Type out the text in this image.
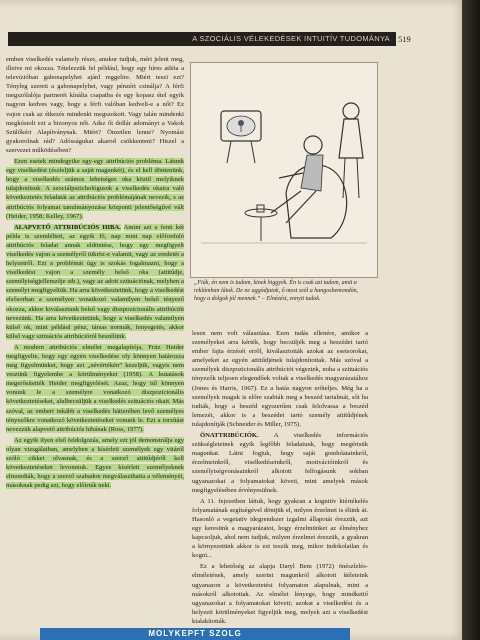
A SZOCIÁLIS VÉLEKEDÉSEK INTUITÍV TUDOMÁNYA 519

emben viselkedés valamely része, anukor tudjuk, mért jelent meg, illetve mi okozza. Tételezzük fel például, hogy egy híres atléta a televízióban gabonapelyhet ajánl reggelire. Miért teszi ezt? Tényleg szereti a gabonapelyhet, vagy pénzért csinálja? A férfi megszólalója partnerét kínálta csapatba és egy kopasz étel egyik nagyon kedves vagy, hogy a férfi valóban kedveli-e a nőt? Ez vajon csak az étkezés mindenki megszokott. Vagy talán mindenki megkóstolt ezt a bizonyos nőt. Adsz őt dollár adományt a Vakok Szülőkért Alapítványnak. Miért? Önzetlen lenne? Nyomást gyakorolnak rád? Adósságukat akarod csökkenteni? Hiszel a szervezet működésében?

Ezen esetek mindegyike egy-egy attribúciós probléma. Látunk egy viselkedést (észleljük a saját magunkét), és el kell döntenünk, hogy a viselkedés számos lehetséges oka közül melyiknek tulajdonítsuk. A szociálpszichológusok a viselkedés okaira való következtetés feladatát az attribúciós problémájának nevezik, s az attribúciós folyamat tanulmányozása központi jelentőségűvé vált (Heider, 1958; Kelley, 1967).

ALAPVETŐ ATTRIBÚCIÓS HIBA. Amint azt a fenti két példa is szemlélteti, az egyik fő, nap mint nap előforduló attribúciós feladat annak eldöntése, hogy egy megfigyelt viselkedés vajon a személyről tükröz-e valamit, vagy az eredetét a helyzetről. Ezt a problémát úgy is szokás fogalmazni, hogy a viselkedést vajon a személy belső oka (attitűdje, személyiségjellemzője stb.), vagy az adott szituációnak, melyben a személyt megfigyeltük. Ha arra következtetünk, hogy a viselkedést elsősorban a személyen vonatkozó valamilyen belső tényező okozza, akkor kiválasztunk belső vagy diszpozicionális attribúciót nevezünk. Ha arra következtetünk, hogy a viselkedés valamilyen külső ok, mint például pénz, társas normák, fenyegetés, akkor külső vagy szituációs attribúcióról beszélünk.

A modern attribúciós elmélet megalapítója, Fritz Heider megfigyelte, hogy egy egyén viselkedése oly könnyen határozza meg figyelmünket, hogy azt „névértékén” kezeljük, vagyis nem veszünk figyelembe a körülményeket (1958). A kutatások megerősítették Heider megfigyelését. Azaz, hogy túl könnyen vonunk le a személyre vonatkozó diszpozicionális következtetéseket, alulbecsüljük a viselkedés szituációs okait. Más szóval, az embert inkább a viselkedés hátterében levő személyes tényezőkre vonatkozó következtetéseket vonunk le. Ezt a torzítást nevezzük alapvető attribúciós hibának (Ross, 1977).

Az egyik ilyen első feldolgozás, amely ezt jól demonstrálja egy olyan vizsgálatban, amelyben a kísérleti személyek egy vitáról szóló cikket olvasnak, és a szerző attitűdjéről kell következtetéseket levonniuk. Egyes kísérleti személyeknek elmondták, hogy a szerző szabadon megválaszthatta a véleményét, másoknak pedig azt, hogy előírták neki.

„Fiúk, én nem is tudom, kinek higgyek. Én is csak azt tudom, amit a reklámban látok. De ne aggódjatok, ő most szól a hangosbemondón, hogy a dolgok jól mennek.” – Elnézést, ennyit tudok.

lesen nem volt választása. Ezen tudás ellenére, amikor a személyeket arra kérték, hogy becsüljék meg a beszédet tartó ember fajta érzését erről, kiválasztották azokat az esetsorokat, amelyeket az egyén attitűdjének tulajdonítottak. Más szóval a személyek diszpozicionális attribúciót végeztek, noha a szituációs tényezők teljesen elegendőek voltak a viselkedés magyarázatához (Jones és Harris, 1967). Ez a hatás nagyon erőteljes. Még ha a személyek maguk is előre szabták meg a beszéd tartalmát, sőt ha tudták, hogy a beszéd egyszerűen csak felolvassa a beszéd lemezét, akkor is a beszédet tartó személy attitűdjének tulajdonítják (Schneider és Miller, 1975).

ÖNATTRIBÚCIÓK. A viselkedés információs szükségleteinek egyik legfőbb feladatunk, hogy megértsük magunkat. Látni fogjuk, hogy saját gondolatainkról, érzelmeinkről, viselkedéseinkről, motivációinkról és személyiségvonásainkról alkotott felfogásunk sokban ugyanazokat a folyamatokat követi, mint amelyek mások megfigyelésében érvényesülnek.

A 11. fejezetben láttuk, hogy gyakran a kognitív kiértékelés folyamatának segítségével döntjük el, milyen érzelmet is élünk át. Hasonló a vegetatív idegrendszer izgalmi állapotát érezzük, azt egy keresünk a magyarázatot, hogy érzelmünket az élményhez kapcsoljuk, ahol nem tudjuk, milyen érzelmet érezzük, a gyakran a környezetünk akkor is ezt teszik meg, mikor indokolatlan és kogni...

Ez a lehetőség az alapja Daryl Bem (1972) önészlelés-elméletének, amely szerint magunkról alkotott ítéleteink ugyanazon a következtetési folyamaton alapulnak, mint a másokról alkotottak. Az elmélet lényege, hogy mindkettő ugyanazokat a folyamatokat követi; azokat a viselkedést és a helyzeti körülményeket figyeljük meg, melyek azt a viselkedést kialakították.

MOLYKEPFT SZOLG
